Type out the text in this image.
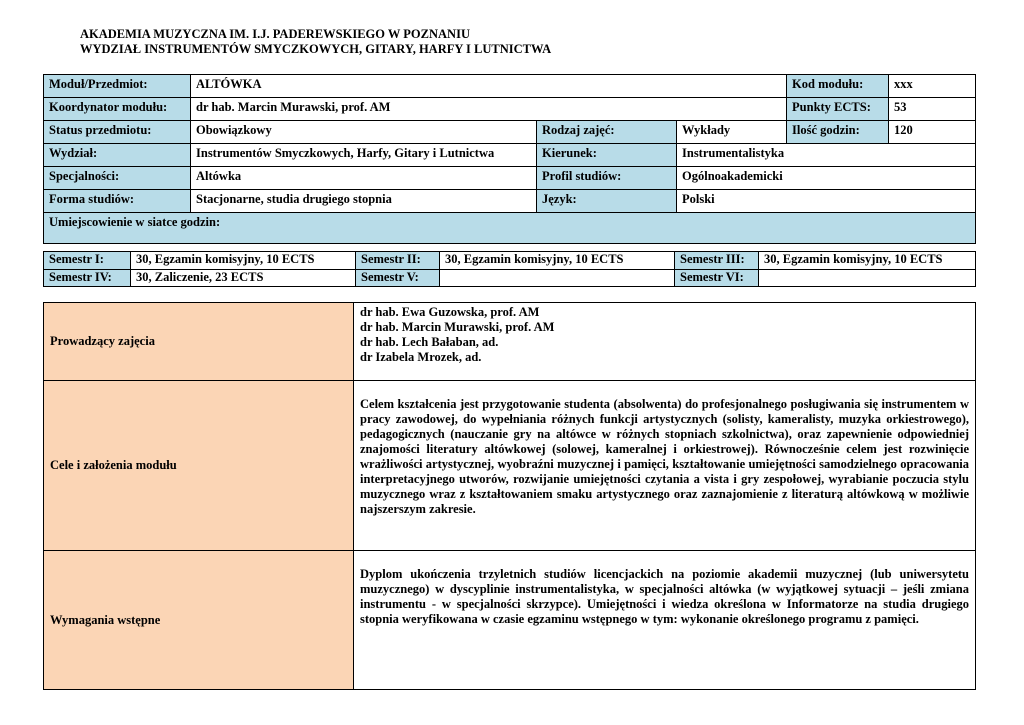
AKADEMIA MUZYCZNA IM. I.J. PADEREWSKIEGO W POZNANIU
WYDZIAŁ INSTRUMENTÓW SMYCZKOWYCH, GITARY, HARFY I LUTNICTWA
Moduł/Przedmiot:	ALTÓWKA			Kod modułu:	xxx
Koordynator modułu:	dr hab. Marcin Murawski, prof. AM			Punkty ECTS:	53
Status przedmiotu:	Obowiązkowy	Rodzaj zajęć:	Wykłady	Ilość godzin:	120
Wydział:	Instrumentów Smyczkowych, Harfy, Gitary i Lutnictwa	Kierunek:	Instrumentalistyka		
Specjalności:	Altówka	Profil studiów:	Ogólnoakademicki		
Forma studiów:	Stacjonarne, studia drugiego stopnia	Język:	Polski		
Umiejscowienie w siatce godzin:					
Semestr I:	30, Egzamin komisyjny, 10 ECTS	Semestr II:	30, Egzamin komisyjny, 10 ECTS	Semestr III:	30, Egzamin komisyjny, 10 ECTS
Semestr IV:	30, Zaliczenie, 23 ECTS	Semestr V:		Semestr VI:	
Prowadzący zajęcia	dr hab. Ewa Guzowska, prof. AM
dr hab. Marcin Murawski, prof. AM
dr hab. Lech Bałaban, ad.
dr Izabela Mrozek, ad.

Cele i założenia modułu	Celem kształcenia jest przygotowanie studenta (absolwenta) do profesjonalnego posługiwania się instrumentem w pracy zawodowej, do wypełniania różnych funkcji artystycznych (solisty, kameralisty, muzyka orkiestrowego), pedagogicznych (nauczanie gry na altówce w różnych stopniach szkolnictwa), oraz zapewnienie odpowiedniej znajomości literatury altówkowej (solowej, kameralnej i orkiestrowej). Równocześnie celem jest rozwinięcie wrażliwości artystycznej, wyobraźni muzycznej i pamięci, kształtowanie umiejętności samodzielnego opracowania interpretacyjnego utworów, rozwijanie umiejętności czytania a vista i gry zespołowej, wyrabianie poczucia stylu muzycznego wraz z kształtowaniem smaku artystycznego oraz zaznajomienie z literaturą altówkową w możliwie najszerszym zakresie.
Wymagania wstępne	Dyplom ukończenia trzyletnich studiów licencjackich na poziomie akademii muzycznej (lub uniwersytetu muzycznego) w dyscyplinie instrumentalistyka, w specjalności altówka (w wyjątkowej sytuacji – jeśli zmiana instrumentu - w specjalności skrzypce). Umiejętności i wiedza określona w Informatorze na studia drugiego stopnia weryfikowana w czasie egzaminu wstępnego w tym: wykonanie określonego programu z pamięci.
